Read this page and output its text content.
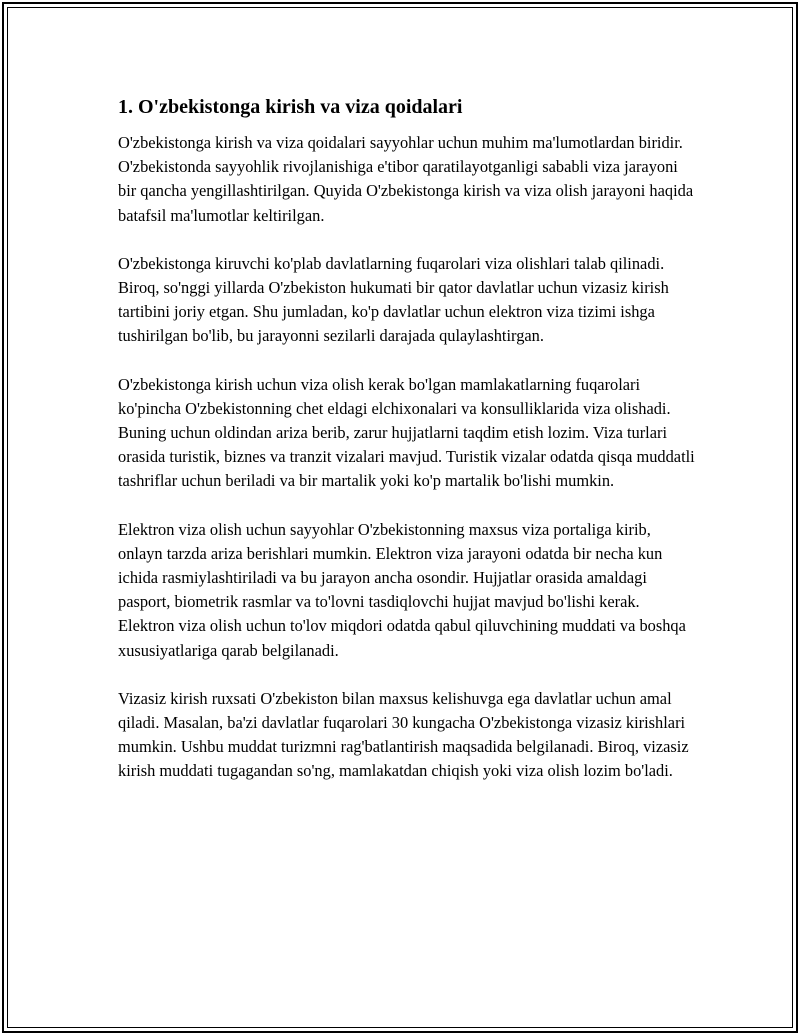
1. O'zbekistonga kirish va viza qoidalari

O'zbekistonga kirish va viza qoidalari sayyohlar uchun muhim ma'lumotlardan biridir. O'zbekistonda sayyohlik rivojlanishiga e'tibor qaratilayotganligi sababli viza jarayoni bir qancha yengillashtirilgan. Quyida O'zbekistonga kirish va viza olish jarayoni haqida batafsil ma'lumotlar keltirilgan.

O'zbekistonga kiruvchi ko'plab davlatlarning fuqarolari viza olishlari talab qilinadi. Biroq, so'nggi yillarda O'zbekiston hukumati bir qator davlatlar uchun vizasiz kirish tartibini joriy etgan. Shu jumladan, ko'p davlatlar uchun elektron viza tizimi ishga tushirilgan bo'lib, bu jarayonni sezilarli darajada qulaylashtirgan.

O'zbekistonga kirish uchun viza olish kerak bo'lgan mamlakatlarning fuqarolari ko'pincha O'zbekistonning chet eldagi elchixonalari va konsulliklarida viza olishadi. Buning uchun oldindan ariza berib, zarur hujjatlarni taqdim etish lozim. Viza turlari orasida turistik, biznes va tranzit vizalari mavjud. Turistik vizalar odatda qisqa muddatli tashriflar uchun beriladi va bir martalik yoki ko'p martalik bo'lishi mumkin.

Elektron viza olish uchun sayyohlar O'zbekistonning maxsus viza portaliga kirib, onlayn tarzda ariza berishlari mumkin. Elektron viza jarayoni odatda bir necha kun ichida rasmiylashtiriladi va bu jarayon ancha osondir. Hujjatlar orasida amaldagi pasport, biometrik rasmlar va to'lovni tasdiqlovchi hujjat mavjud bo'lishi kerak. Elektron viza olish uchun to'lov miqdori odatda qabul qiluvchining muddati va boshqa xususiyatlariga qarab belgilanadi.

Vizasiz kirish ruxsati O'zbekiston bilan maxsus kelishuvga ega davlatlar uchun amal qiladi. Masalan, ba'zi davlatlar fuqarolari 30 kungacha O'zbekistonga vizasiz kirishlari mumkin. Ushbu muddat turizmni rag'batlantirish maqsadida belgilanadi. Biroq, vizasiz kirish muddati tugagandan so'ng, mamlakatdan chiqish yoki viza olish lozim bo'ladi.
